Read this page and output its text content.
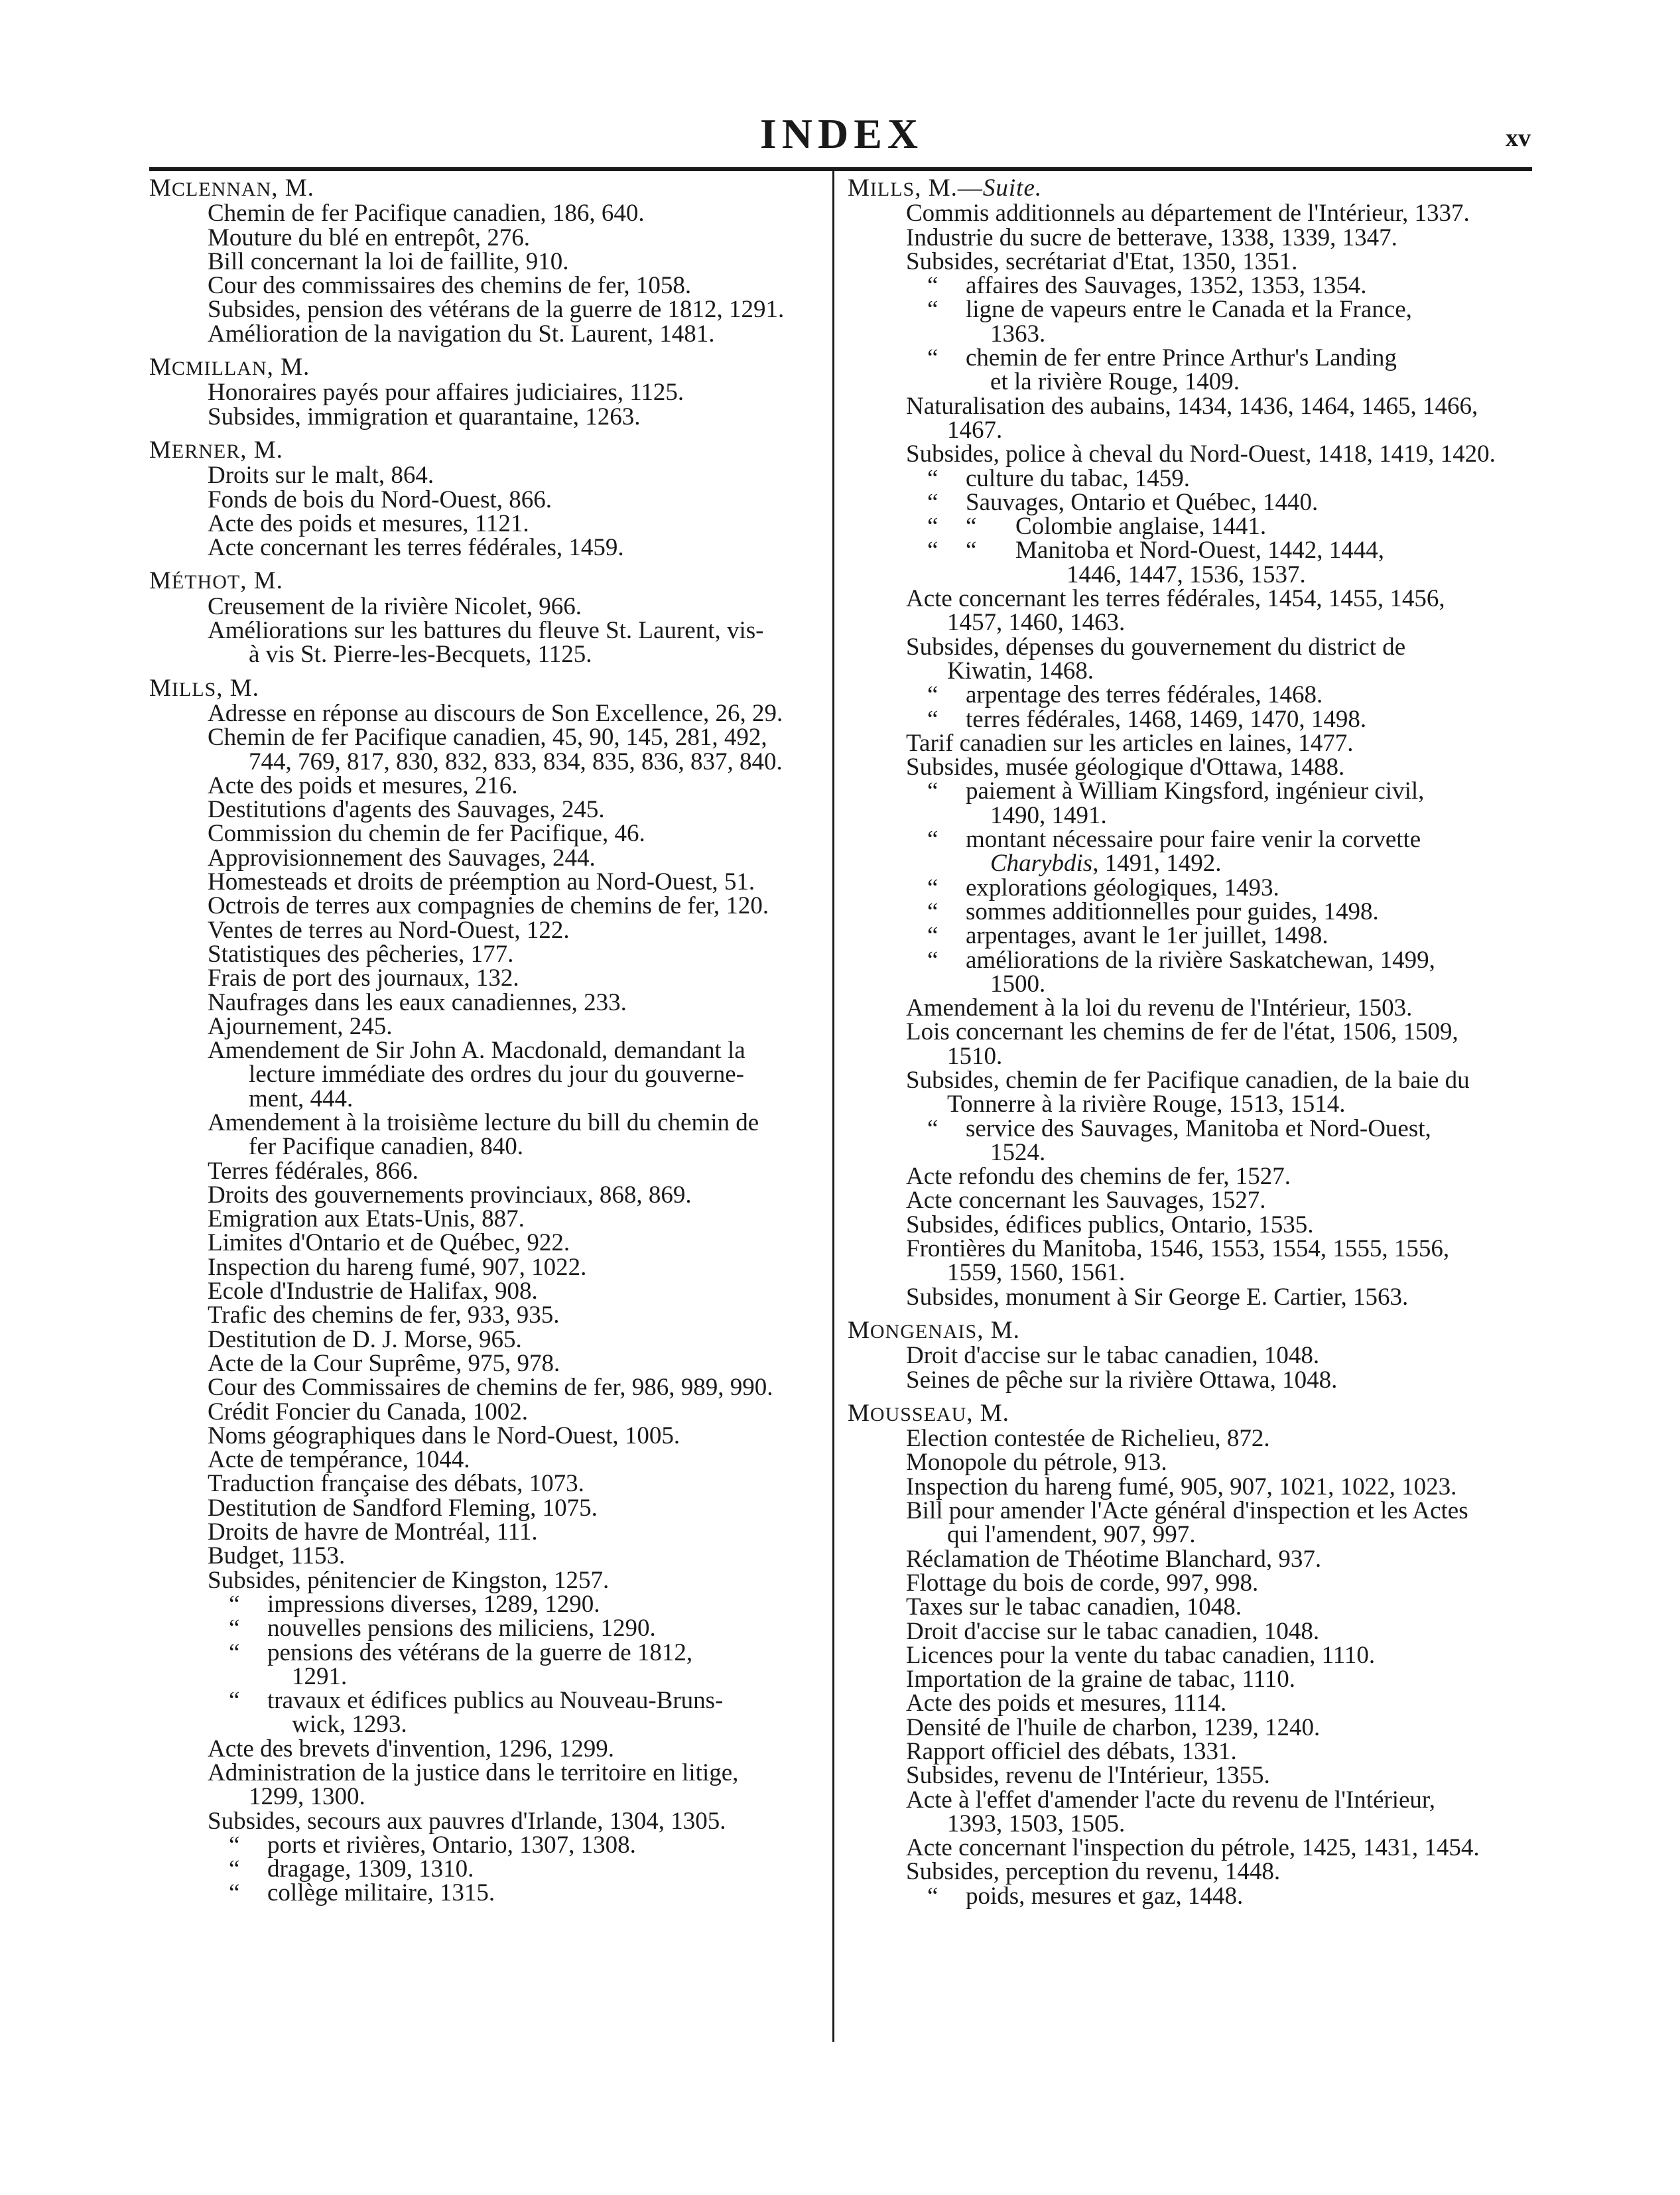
INDEX	xv
MCLENNAN, M.
Chemin de fer Pacifique canadien, 186, 640.
Mouture du blé en entrepôt, 276.
Bill concernant la loi de faillite, 910.
Cour des commissaires des chemins de fer, 1058.
Subsides, pension des vétérans de la guerre de 1812, 1291.
Amélioration de la navigation du St. Laurent, 1481.
MCMILLAN, M.
Honoraires payés pour affaires judiciaires, 1125.
Subsides, immigration et quarantaine, 1263.
MERNER, M.
Droits sur le malt, 864.
Fonds de bois du Nord-Ouest, 866.
Acte des poids et mesures, 1121.
Acte concernant les terres fédérales, 1459.
MÉTHOT, M.
Creusement de la rivière Nicolet, 966.
Améliorations sur les battures du fleuve St. Laurent, vis-
à vis St. Pierre-les-Becquets, 1125.
MILLS, M.
Adresse en réponse au discours de Son Excellence, 26, 29.
Chemin de fer Pacifique canadien, 45, 90, 145, 281, 492,
744, 769, 817, 830, 832, 833, 834, 835, 836, 837, 840.
Acte des poids et mesures, 216.
Destitutions d'agents des Sauvages, 245.
Commission du chemin de fer Pacifique, 46.
Approvisionnement des Sauvages, 244.
Homesteads et droits de préemption au Nord-Ouest, 51.
Octrois de terres aux compagnies de chemins de fer, 120.
Ventes de terres au Nord-Ouest, 122.
Statistiques des pêcheries, 177.
Frais de port des journaux, 132.
Naufrages dans les eaux canadiennes, 233.
Ajournement, 245.
Amendement de Sir John A. Macdonald, demandant la
lecture immédiate des ordres du jour du gouverne-
ment, 444.
Amendement à la troisième lecture du bill du chemin de
fer Pacifique canadien, 840.
Terres fédérales, 866.
Droits des gouvernements provinciaux, 868, 869.
Emigration aux Etats-Unis, 887.
Limites d'Ontario et de Québec, 922.
Inspection du hareng fumé, 907, 1022.
Ecole d'Industrie de Halifax, 908.
Trafic des chemins de fer, 933, 935.
Destitution de D. J. Morse, 965.
Acte de la Cour Suprême, 975, 978.
Cour des Commissaires de chemins de fer, 986, 989, 990.
Crédit Foncier du Canada, 1002.
Noms géographiques dans le Nord-Ouest, 1005.
Acte de tempérance, 1044.
Traduction française des débats, 1073.
Destitution de Sandford Fleming, 1075.
Droits de havre de Montréal, 111.
Budget, 1153.
Subsides, pénitencier de Kingston, 1257.
“ impressions diverses, 1289, 1290.
“ nouvelles pensions des miliciens, 1290.
“ pensions des vétérans de la guerre de 1812,
1291.
“ travaux et édifices publics au Nouveau-Bruns-
wick, 1293.
Acte des brevets d'invention, 1296, 1299.
Administration de la justice dans le territoire en litige,
1299, 1300.
Subsides, secours aux pauvres d'Irlande, 1304, 1305.
“ ports et rivières, Ontario, 1307, 1308.
“ dragage, 1309, 1310.
“ collège militaire, 1315.
MILLS, M.—Suite.
Commis additionnels au département de l'Intérieur, 1337.
Industrie du sucre de betterave, 1338, 1339, 1347.
Subsides, secrétariat d'Etat, 1350, 1351.
“ affaires des Sauvages, 1352, 1353, 1354.
“ ligne de vapeurs entre le Canada et la France,
1363.
“ chemin de fer entre Prince Arthur's Landing
et la rivière Rouge, 1409.
Naturalisation des aubains, 1434, 1436, 1464, 1465, 1466,
1467.
Subsides, police à cheval du Nord-Ouest, 1418, 1419, 1420.
“ culture du tabac, 1459.
“ Sauvages, Ontario et Québec, 1440.
“ “ Colombie anglaise, 1441.
“ “ Manitoba et Nord-Ouest, 1442, 1444,
1446, 1447, 1536, 1537.
Acte concernant les terres fédérales, 1454, 1455, 1456,
1457, 1460, 1463.
Subsides, dépenses du gouvernement du district de
Kiwatin, 1468.
“ arpentage des terres fédérales, 1468.
“ terres fédérales, 1468, 1469, 1470, 1498.
Tarif canadien sur les articles en laines, 1477.
Subsides, musée géologique d'Ottawa, 1488.
“ paiement à William Kingsford, ingénieur civil,
1490, 1491.
“ montant nécessaire pour faire venir la corvette
Charybdis, 1491, 1492.
“ explorations géologiques, 1493.
“ sommes additionnelles pour guides, 1498.
“ arpentages, avant le 1er juillet, 1498.
“ améliorations de la rivière Saskatchewan, 1499,
1500.
Amendement à la loi du revenu de l'Intérieur, 1503.
Lois concernant les chemins de fer de l'état, 1506, 1509,
1510.
Subsides, chemin de fer Pacifique canadien, de la baie du
Tonnerre à la rivière Rouge, 1513, 1514.
“ service des Sauvages, Manitoba et Nord-Ouest,
1524.
Acte refondu des chemins de fer, 1527.
Acte concernant les Sauvages, 1527.
Subsides, édifices publics, Ontario, 1535.
Frontières du Manitoba, 1546, 1553, 1554, 1555, 1556,
1559, 1560, 1561.
Subsides, monument à Sir George E. Cartier, 1563.
MONGENAIS, M.
Droit d'accise sur le tabac canadien, 1048.
Seines de pêche sur la rivière Ottawa, 1048.
MOUSSEAU, M.
Election contestée de Richelieu, 872.
Monopole du pétrole, 913.
Inspection du hareng fumé, 905, 907, 1021, 1022, 1023.
Bill pour amender l'Acte général d'inspection et les Actes
qui l'amendent, 907, 997.
Réclamation de Théotime Blanchard, 937.
Flottage du bois de corde, 997, 998.
Taxes sur le tabac canadien, 1048.
Droit d'accise sur le tabac canadien, 1048.
Licences pour la vente du tabac canadien, 1110.
Importation de la graine de tabac, 1110.
Acte des poids et mesures, 1114.
Densité de l'huile de charbon, 1239, 1240.
Rapport officiel des débats, 1331.
Subsides, revenu de l'Intérieur, 1355.
Acte à l'effet d'amender l'acte du revenu de l'Intérieur,
1393, 1503, 1505.
Acte concernant l'inspection du pétrole, 1425, 1431, 1454.
Subsides, perception du revenu, 1448.
“ poids, mesures et gaz, 1448.
